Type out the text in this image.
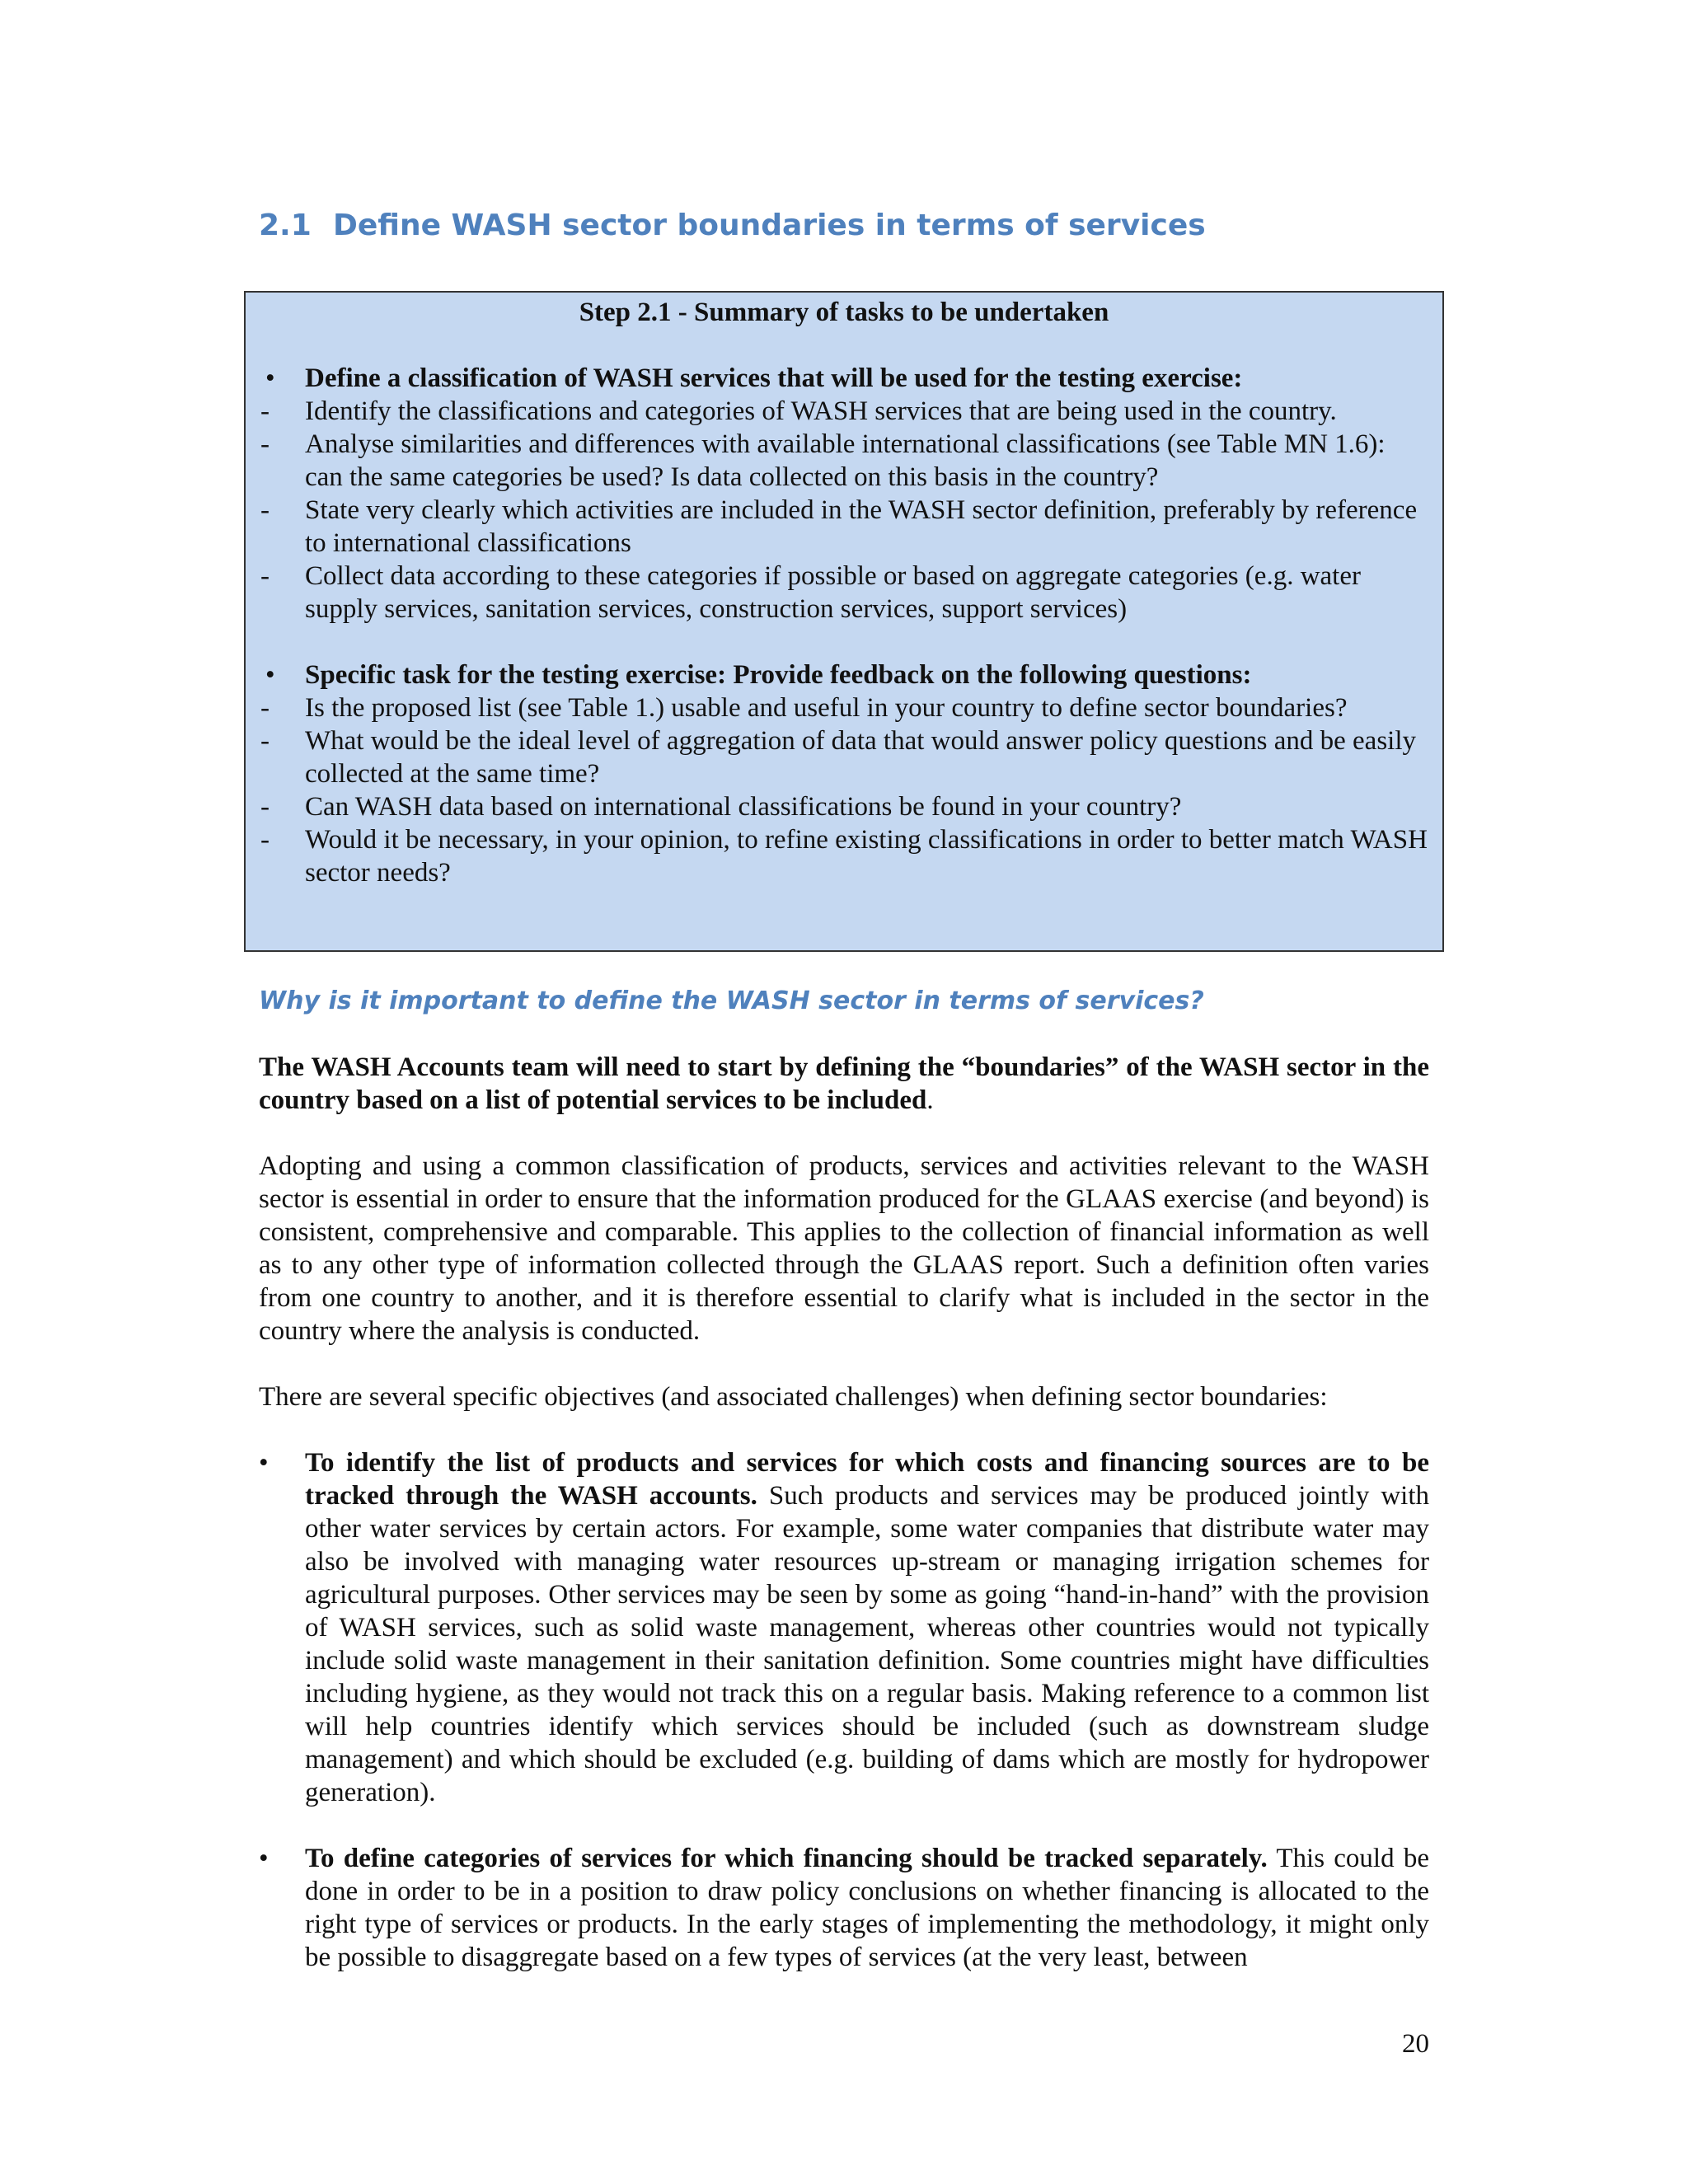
2.1 Define WASH sector boundaries in terms of services
Step 2.1 - Summary of tasks to be undertaken
• Define a classification of WASH services that will be used for the testing exercise:
- Identify the classifications and categories of WASH services that are being used in the country.
- Analyse similarities and differences with available international classifications (see Table MN 1.6): can the same categories be used? Is data collected on this basis in the country?
- State very clearly which activities are included in the WASH sector definition, preferably by reference to international classifications
- Collect data according to these categories if possible or based on aggregate categories (e.g. water supply services, sanitation services, construction services, support services)
• Specific task for the testing exercise: Provide feedback on the following questions:
- Is the proposed list (see Table 1.) usable and useful in your country to define sector boundaries?
- What would be the ideal level of aggregation of data that would answer policy questions and be easily collected at the same time?
- Can WASH data based on international classifications be found in your country?
- Would it be necessary, in your opinion, to refine existing classifications in order to better match WASH sector needs?
Why is it important to define the WASH sector in terms of services?

The WASH Accounts team will need to start by defining the “boundaries” of the WASH sector in the country based on a list of potential services to be included.

Adopting and using a common classification of products, services and activities relevant to the WASH sector is essential in order to ensure that the information produced for the GLAAS exercise (and beyond) is consistent, comprehensive and comparable. This applies to the collection of financial information as well as to any other type of information collected through the GLAAS report. Such a definition often varies from one country to another, and it is therefore essential to clarify what is included in the sector in the country where the analysis is conducted.

There are several specific objectives (and associated challenges) when defining sector boundaries:

• To identify the list of products and services for which costs and financing sources are to be tracked through the WASH accounts. Such products and services may be produced jointly with other water services by certain actors. For example, some water companies that distribute water may also be involved with managing water resources up-stream or managing irrigation schemes for agricultural purposes. Other services may be seen by some as going “hand-in-hand” with the provision of WASH services, such as solid waste management, whereas other countries would not typically include solid waste management in their sanitation definition. Some countries might have difficulties including hygiene, as they would not track this on a regular basis. Making reference to a common list will help countries identify which services should be included (such as downstream sludge management) and which should be excluded (e.g. building of dams which are mostly for hydropower generation).
• To define categories of services for which financing should be tracked separately. This could be done in order to be in a position to draw policy conclusions on whether financing is allocated to the right type of services or products. In the early stages of implementing the methodology, it might only be possible to disaggregate based on a few types of services (at the very least, between
20
